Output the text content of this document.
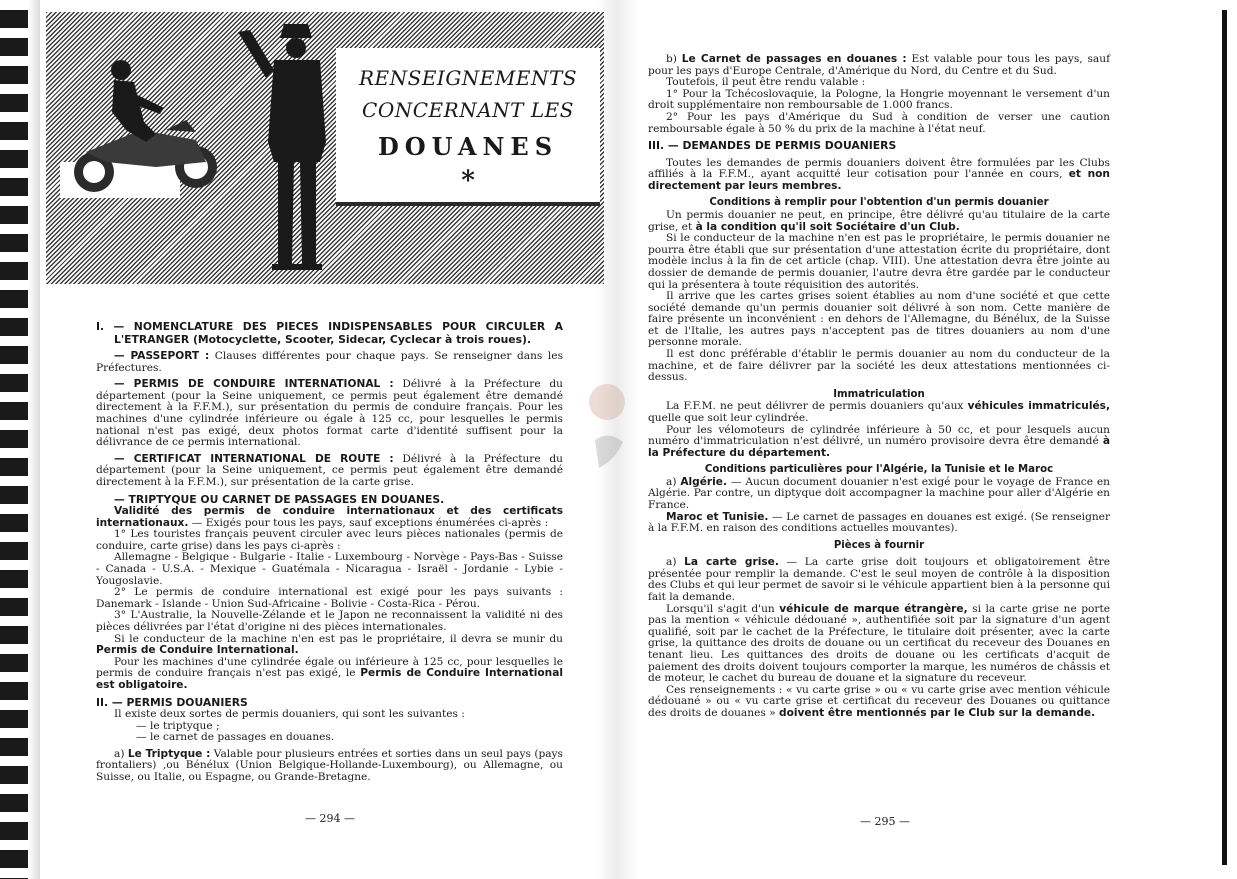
RENSEIGNEMENTS
CONCERNANT LES
DOUANES
*

I. — NOMENCLATURE DES PIECES INDISPENSABLES POUR CIRCULER A L'ETRANGER (Motocyclette, Scooter, Sidecar, Cyclecar à trois roues).

— PASSEPORT : Clauses différentes pour chaque pays. Se renseigner dans les Préfectures.

— PERMIS DE CONDUIRE INTERNATIONAL : Délivré à la Préfecture du département (pour la Seine uniquement, ce permis peut également être demandé directement à la F.F.M.), sur présentation du permis de conduire français. Pour les machines d'une cylindrée inférieure ou égale à 125 cc, pour lesquelles le permis national n'est pas exigé, deux photos format carte d'identité suffisent pour la délivrance de ce permis international.

— CERTIFICAT INTERNATIONAL DE ROUTE : Délivré à la Préfecture du département (pour la Seine uniquement, ce permis peut également être demandé directement à la F.F.M.), sur présentation de la carte grise.

— TRIPTYQUE OU CARNET DE PASSAGES EN DOUANES.

Validité des permis de conduire internationaux et des certificats internationaux. — Exigés pour tous les pays, sauf exceptions énumérées ci-après :

1° Les touristes français peuvent circuler avec leurs pièces nationales (permis de conduire, carte grise) dans les pays ci-après :

Allemagne - Belgique - Bulgarie - Italie - Luxembourg - Norvège - Pays-Bas - Suisse - Canada - U.S.A. - Mexique - Guatémala - Nicaragua - Israël - Jordanie - Lybie - Yougoslavie.

2° Le permis de conduire international est exigé pour les pays suivants : Danemark - Islande - Union Sud-Africaine - Bolivie - Costa-Rica - Pérou.

3° L'Australie, la Nouvelle-Zélande et le Japon ne reconnaissent la validité ni des pièces délivrées par l'état d'origine ni des pièces internationales.

Si le conducteur de la machine n'en est pas le propriétaire, il devra se munir du Permis de Conduire International.

Pour les machines d'une cylindrée égale ou inférieure à 125 cc, pour lesquelles le permis de conduire français n'est pas exigé, le Permis de Conduire International est obligatoire.

II. — PERMIS DOUANIERS

Il existe deux sortes de permis douaniers, qui sont les suivantes :

— le triptyque ;

— le carnet de passages en douanes.

a) Le Triptyque : Valable pour plusieurs entrées et sorties dans un seul pays (pays frontaliers) ,ou Bénélux (Union Belgique-Hollande-Luxembourg), ou Allemagne, ou Suisse, ou Italie, ou Espagne, ou Grande-Bretagne.

— 294 —

b) Le Carnet de passages en douanes : Est valable pour tous les pays, sauf pour les pays d'Europe Centrale, d'Amérique du Nord, du Centre et du Sud.

Toutefois, il peut être rendu valable :

1° Pour la Tchécoslovaquie, la Pologne, la Hongrie moyennant le versement d'un droit supplémentaire non remboursable de 1.000 francs.

2° Pour les pays d'Amérique du Sud à condition de verser une caution remboursable égale à 50 % du prix de la machine à l'état neuf.

III. — DEMANDES DE PERMIS DOUANIERS

Toutes les demandes de permis douaniers doivent être formulées par les Clubs affiliés à la F.F.M., ayant acquitté leur cotisation pour l'année en cours, et non directement par leurs membres.

Conditions à remplir pour l'obtention d'un permis douanier

Un permis douanier ne peut, en principe, être délivré qu'au titulaire de la carte grise, et à la condition qu'il soit Sociétaire d'un Club.

Si le conducteur de la machine n'en est pas le propriétaire, le permis douanier ne pourra être établi que sur présentation d'une attestation écrite du propriétaire, dont modèle inclus à la fin de cet article (chap. VIII). Une attestation devra être jointe au dossier de demande de permis douanier, l'autre devra être gardée par le conducteur qui la présentera à toute réquisition des autorités.

Il arrive que les cartes grises soient établies au nom d'une société et que cette société demande qu'un permis douanier soit délivré à son nom. Cette manière de faire présente un inconvénient : en dehors de l'Allemagne, du Bénélux, de la Suisse et de l'Italie, les autres pays n'acceptent pas de titres douaniers au nom d'une personne morale.

Il est donc préférable d'établir le permis douanier au nom du conducteur de la machine, et de faire délivrer par la société les deux attestations mentionnées ci-dessus.

Immatriculation

La F.F.M. ne peut délivrer de permis douaniers qu'aux véhicules immatriculés, quelle que soit leur cylindrée.

Pour les vélomoteurs de cylindrée inférieure à 50 cc, et pour lesquels aucun numéro d'immatriculation n'est délivré, un numéro provisoire devra être demandé à la Préfecture du département.

Conditions particulières pour l'Algérie, la Tunisie et le Maroc

a) Algérie. — Aucun document douanier n'est exigé pour le voyage de France en Algérie. Par contre, un diptyque doit accompagner la machine pour aller d'Algérie en France.

Maroc et Tunisie. — Le carnet de passages en douanes est exigé. (Se renseigner à la F.F.M. en raison des conditions actuelles mouvantes).

Pièces à fournir

a) La carte grise. — La carte grise doit toujours et obligatoirement être présentée pour remplir la demande. C'est le seul moyen de contrôle à la disposition des Clubs et qui leur permet de savoir si le véhicule appartient bien à la personne qui fait la demande.

Lorsqu'il s'agit d'un véhicule de marque étrangère, si la carte grise ne porte pas la mention « véhicule dédouané », authentifiée soit par la signature d'un agent qualifié, soit par le cachet de la Préfecture, le titulaire doit présenter, avec la carte grise, la quittance des droits de douane ou un certificat du receveur des Douanes en tenant lieu. Les quittances des droits de douane ou les certificats d'acquit de paiement des droits doivent toujours comporter la marque, les numéros de châssis et de moteur, le cachet du bureau de douane et la signature du receveur.

Ces renseignements : « vu carte grise » ou « vu carte grise avec mention véhicule dédouané » ou « vu carte grise et certificat du receveur des Douanes ou quittance des droits de douanes » doivent être mentionnés par le Club sur la demande.

— 295 —
